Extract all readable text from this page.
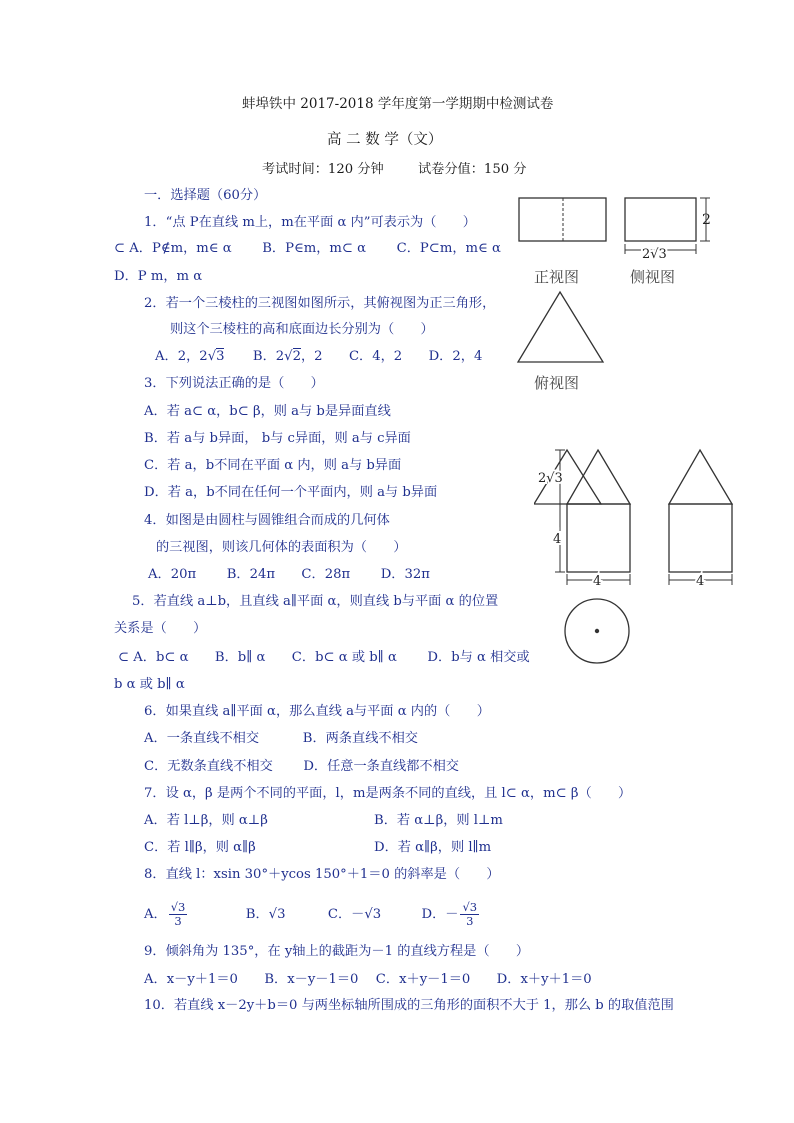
蚌埠铁中 2017-2018 学年度第一学期期中检测试卷
高 二 数 学（文）
考试时间：120 分钟	试卷分值：150 分
一．选择题（60分）
1．“点 P在直线 m上，m在平面 α 内”可表示为（　　）
⊂ A．P∉m，m∈ α　　 B．P∈m，m⊂ α　　 C．P⊂m，m∈ α
D．P m，m α
2．若一个三棱柱的三视图如图所示，其俯视图为正三角形，
则这个三棱柱的高和底面边长分别为（　　）
A．2，2√3 B．2√2，2 C．4，2 D．2，4
3．下列说法正确的是（　　）
A．若 a⊂ α，b⊂ β，则 a与 b是异面直线
B．若 a与 b异面， b与 c异面，则 a与 c异面
C．若 a，b不同在平面 α 内，则 a与 b异面
D．若 a，b不同在任何一个平面内，则 a与 b异面
4．如图是由圆柱与圆锥组合而成的几何体
的三视图，则该几何体的表面积为（　　）
A．20π　　 B．24π　　C．28π　　 D．32π
5．若直线 a⊥b，且直线 a∥平面 α，则直线 b与平面 α 的位置
关系是（　　）
⊂ A．b⊂ α　　B．b∥ α　　C．b⊂ α 或 b∥ α　　 D．b与 α 相交或
b α 或 b∥ α
6．如果直线 a∥平面 α，那么直线 a与平面 α 内的（　　）
A．一条直线不相交　　　 B．两条直线不相交
C．无数条直线不相交　　 D．任意一条直线都不相交
7．设 α，β 是两个不同的平面，l，m是两条不同的直线，且 l⊂ α，m⊂ β（　　）
A．若 l⊥β，则 α⊥β	B．若 α⊥β，则 l⊥m
C．若 l∥β，则 α∥β	D．若 α∥β，则 l∥m
8．直线 l：xsin 30°＋ycos 150°＋1＝0 的斜率是（　　）
A． $\frac{√3}{3}$	B．√3	C．－√3	D．－ $\frac{√3}{3}$
9．倾斜角为 135°，在 y轴上的截距为－1 的直线方程是（　　）
A．x－y＋1＝0　　B．x－y－1＝0　 C．x＋y－1＝0　　D．x＋y＋1＝0
10．若直线 x－2y＋b＝0 与两坐标轴所围成的三角形的面积不大于 1，那么 b 的取值范围
2
2√3
正视图	侧视图
俯视图
2√3
4
4	4
